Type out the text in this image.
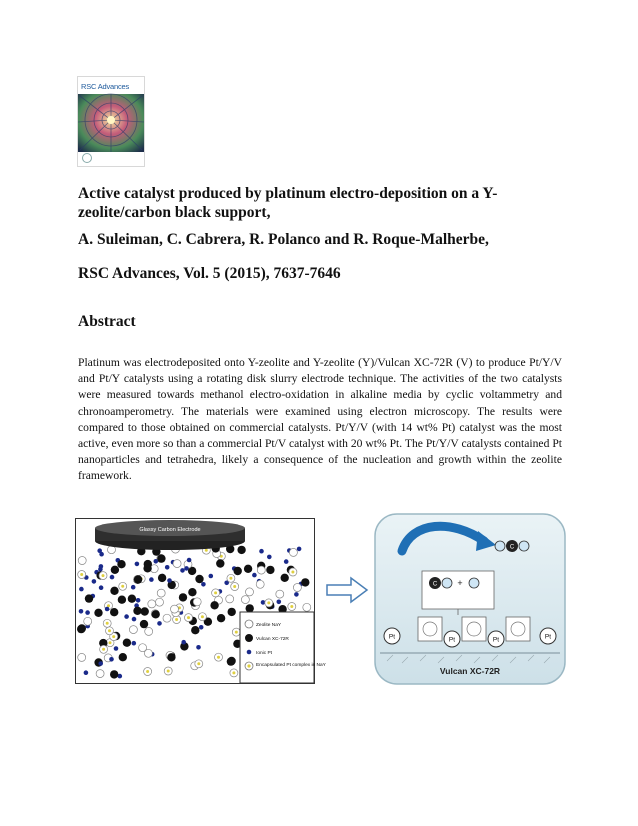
RSC Advances
Active catalyst produced by platinum electro-deposition on a Y-zeolite/carbon black support,

A. Suleiman, C. Cabrera, R. Polanco and R. Roque-Malherbe,

RSC Advances, Vol. 5 (2015), 7637-7646

Abstract

Platinum was electrodeposited onto Y-zeolite and Y-zeolite (Y)/Vulcan XC-72R (V) to produce Pt/Y/V and Pt/Y catalysts using a rotating disk slurry electrode technique. The activities of the two catalysts were measured towards methanol electro-oxidation in alkaline media by cyclic voltammetry and chronoamperometry. The materials were examined using electron microscopy. The results were compared to those obtained on commercial catalysts. Pt/Y/V (with 14 wt% Pt) catalyst was the most active, even more so than a commercial Pt/V catalyst with 20 wt% Pt. The Pt/Y/V catalysts contained Pt nanoparticles and tetrahedra, likely a consequence of the nucleation and growth within the zeolite framework.

Glassy Carbon Electrode
Zeolite NaY
Vulcan XC-72R
Ionic Pt
Encapsulated Pt complex in NaY
C
C +
Pt	Pt	Pt	Pt
Vulcan XC-72R
